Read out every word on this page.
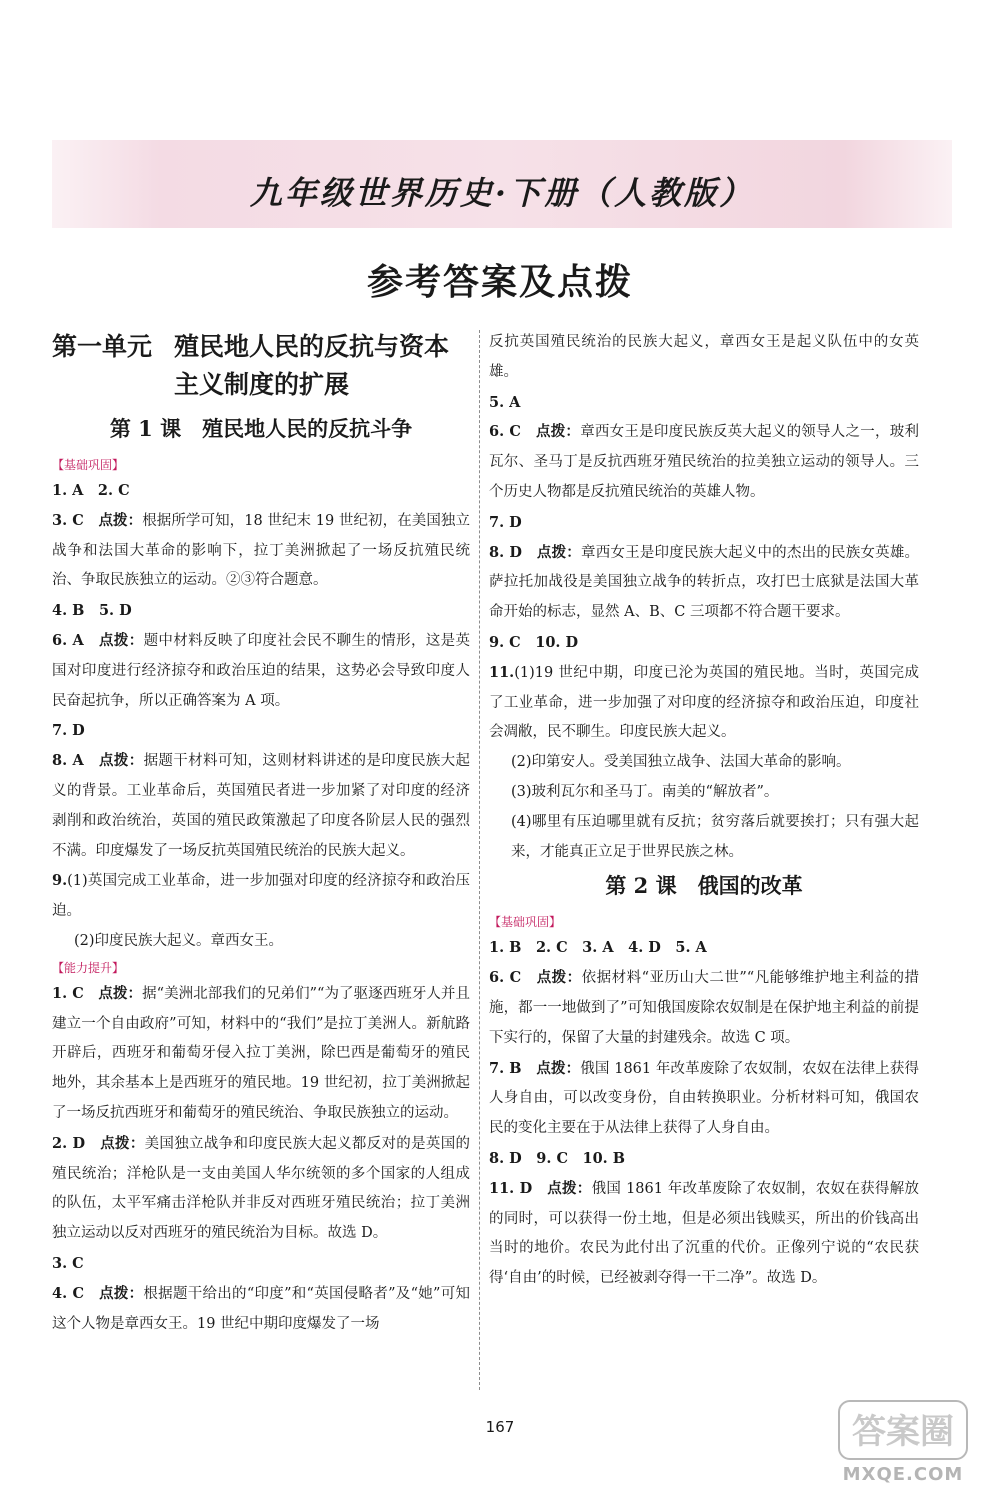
九年级世界历史·下册（人教版）
参考答案及点拨
第一单元 殖民地人民的反抗与资本
主义制度的扩展
第 1 课　殖民地人民的反抗斗争
【基础巩固】

1. A　2. C

3. C　 点拨：根据所学可知，18 世纪末 19 世纪初，在美国独立战争和法国大革命的影响下，拉丁美洲掀起了一场反抗殖民统治、争取民族独立的运动。②③符合题意。

4. B　5. D

6. A　 点拨：题中材料反映了印度社会民不聊生的情形，这是英国对印度进行经济掠夺和政治压迫的结果，这势必会导致印度人民奋起抗争，所以正确答案为 A 项。

7. D

8. A　 点拨：据题干材料可知，这则材料讲述的是印度民族大起义的背景。工业革命后，英国殖民者进一步加紧了对印度的经济剥削和政治统治，英国的殖民政策激起了印度各阶层人民的强烈不满。印度爆发了一场反抗英国殖民统治的民族大起义。

9.(1)英国完成工业革命，进一步加强对印度的经济掠夺和政治压迫。

(2)印度民族大起义。章西女王。

【能力提升】

1. C　 点拨：据“美洲北部我们的兄弟们”“为了驱逐西班牙人并且建立一个自由政府”可知，材料中的“我们”是拉丁美洲人。新航路开辟后，西班牙和葡萄牙侵入拉丁美洲，除巴西是葡萄牙的殖民地外，其余基本上是西班牙的殖民地。19 世纪初，拉丁美洲掀起了一场反抗西班牙和葡萄牙的殖民统治、争取民族独立的运动。

2. D　 点拨：美国独立战争和印度民族大起义都反对的是英国的殖民统治；洋枪队是一支由美国人华尔统领的多个国家的人组成的队伍，太平军痛击洋枪队并非反对西班牙殖民统治；拉丁美洲独立运动以反对西班牙的殖民统治为目标。故选 D。

3. C

4. C　 点拨：根据题干给出的“印度”和“英国侵略者”及“她”可知这个人物是章西女王。19 世纪中期印度爆发了一场

反抗英国殖民统治的民族大起义，章西女王是起义队伍中的女英雄。

5. A

6. C　 点拨：章西女王是印度民族反英大起义的领导人之一，玻利瓦尔、圣马丁是反抗西班牙殖民统治的拉美独立运动的领导人。三个历史人物都是反抗殖民统治的英雄人物。

7. D

8. D　 点拨：章西女王是印度民族大起义中的杰出的民族女英雄。萨拉托加战役是美国独立战争的转折点，攻打巴士底狱是法国大革命开始的标志，显然 A、B、C 三项都不符合题干要求。

9. C　10. D

11.(1)19 世纪中期，印度已沦为英国的殖民地。当时，英国完成了工业革命，进一步加强了对印度的经济掠夺和政治压迫，印度社会凋敝，民不聊生。印度民族大起义。

(2)印第安人。受美国独立战争、法国大革命的影响。

(3)玻利瓦尔和圣马丁。南美的“解放者”。

(4)哪里有压迫哪里就有反抗；贫穷落后就要挨打；只有强大起来，才能真正立足于世界民族之林。

第 2 课　俄国的改革
【基础巩固】

1. B　2. C　3. A　4. D　5. A

6. C　 点拨：依据材料“亚历山大二世”“凡能够维护地主利益的措施，都一一地做到了”可知俄国废除农奴制是在保护地主利益的前提下实行的，保留了大量的封建残余。故选 C 项。

7. B　 点拨：俄国 1861 年改革废除了农奴制，农奴在法律上获得人身自由，可以改变身份，自由转换职业。分析材料可知，俄国农民的变化主要在于从法律上获得了人身自由。

8. D　9. C　10. B

11. D　 点拨：俄国 1861 年改革废除了农奴制，农奴在获得解放的同时，可以获得一份土地，但是必须出钱赎买，所出的价钱高出当时的地价。农民为此付出了沉重的代价。正像列宁说的“农民获得‘自由’的时候，已经被剥夺得一干二净”。故选 D。

167	答案圈
MXQE.COM
